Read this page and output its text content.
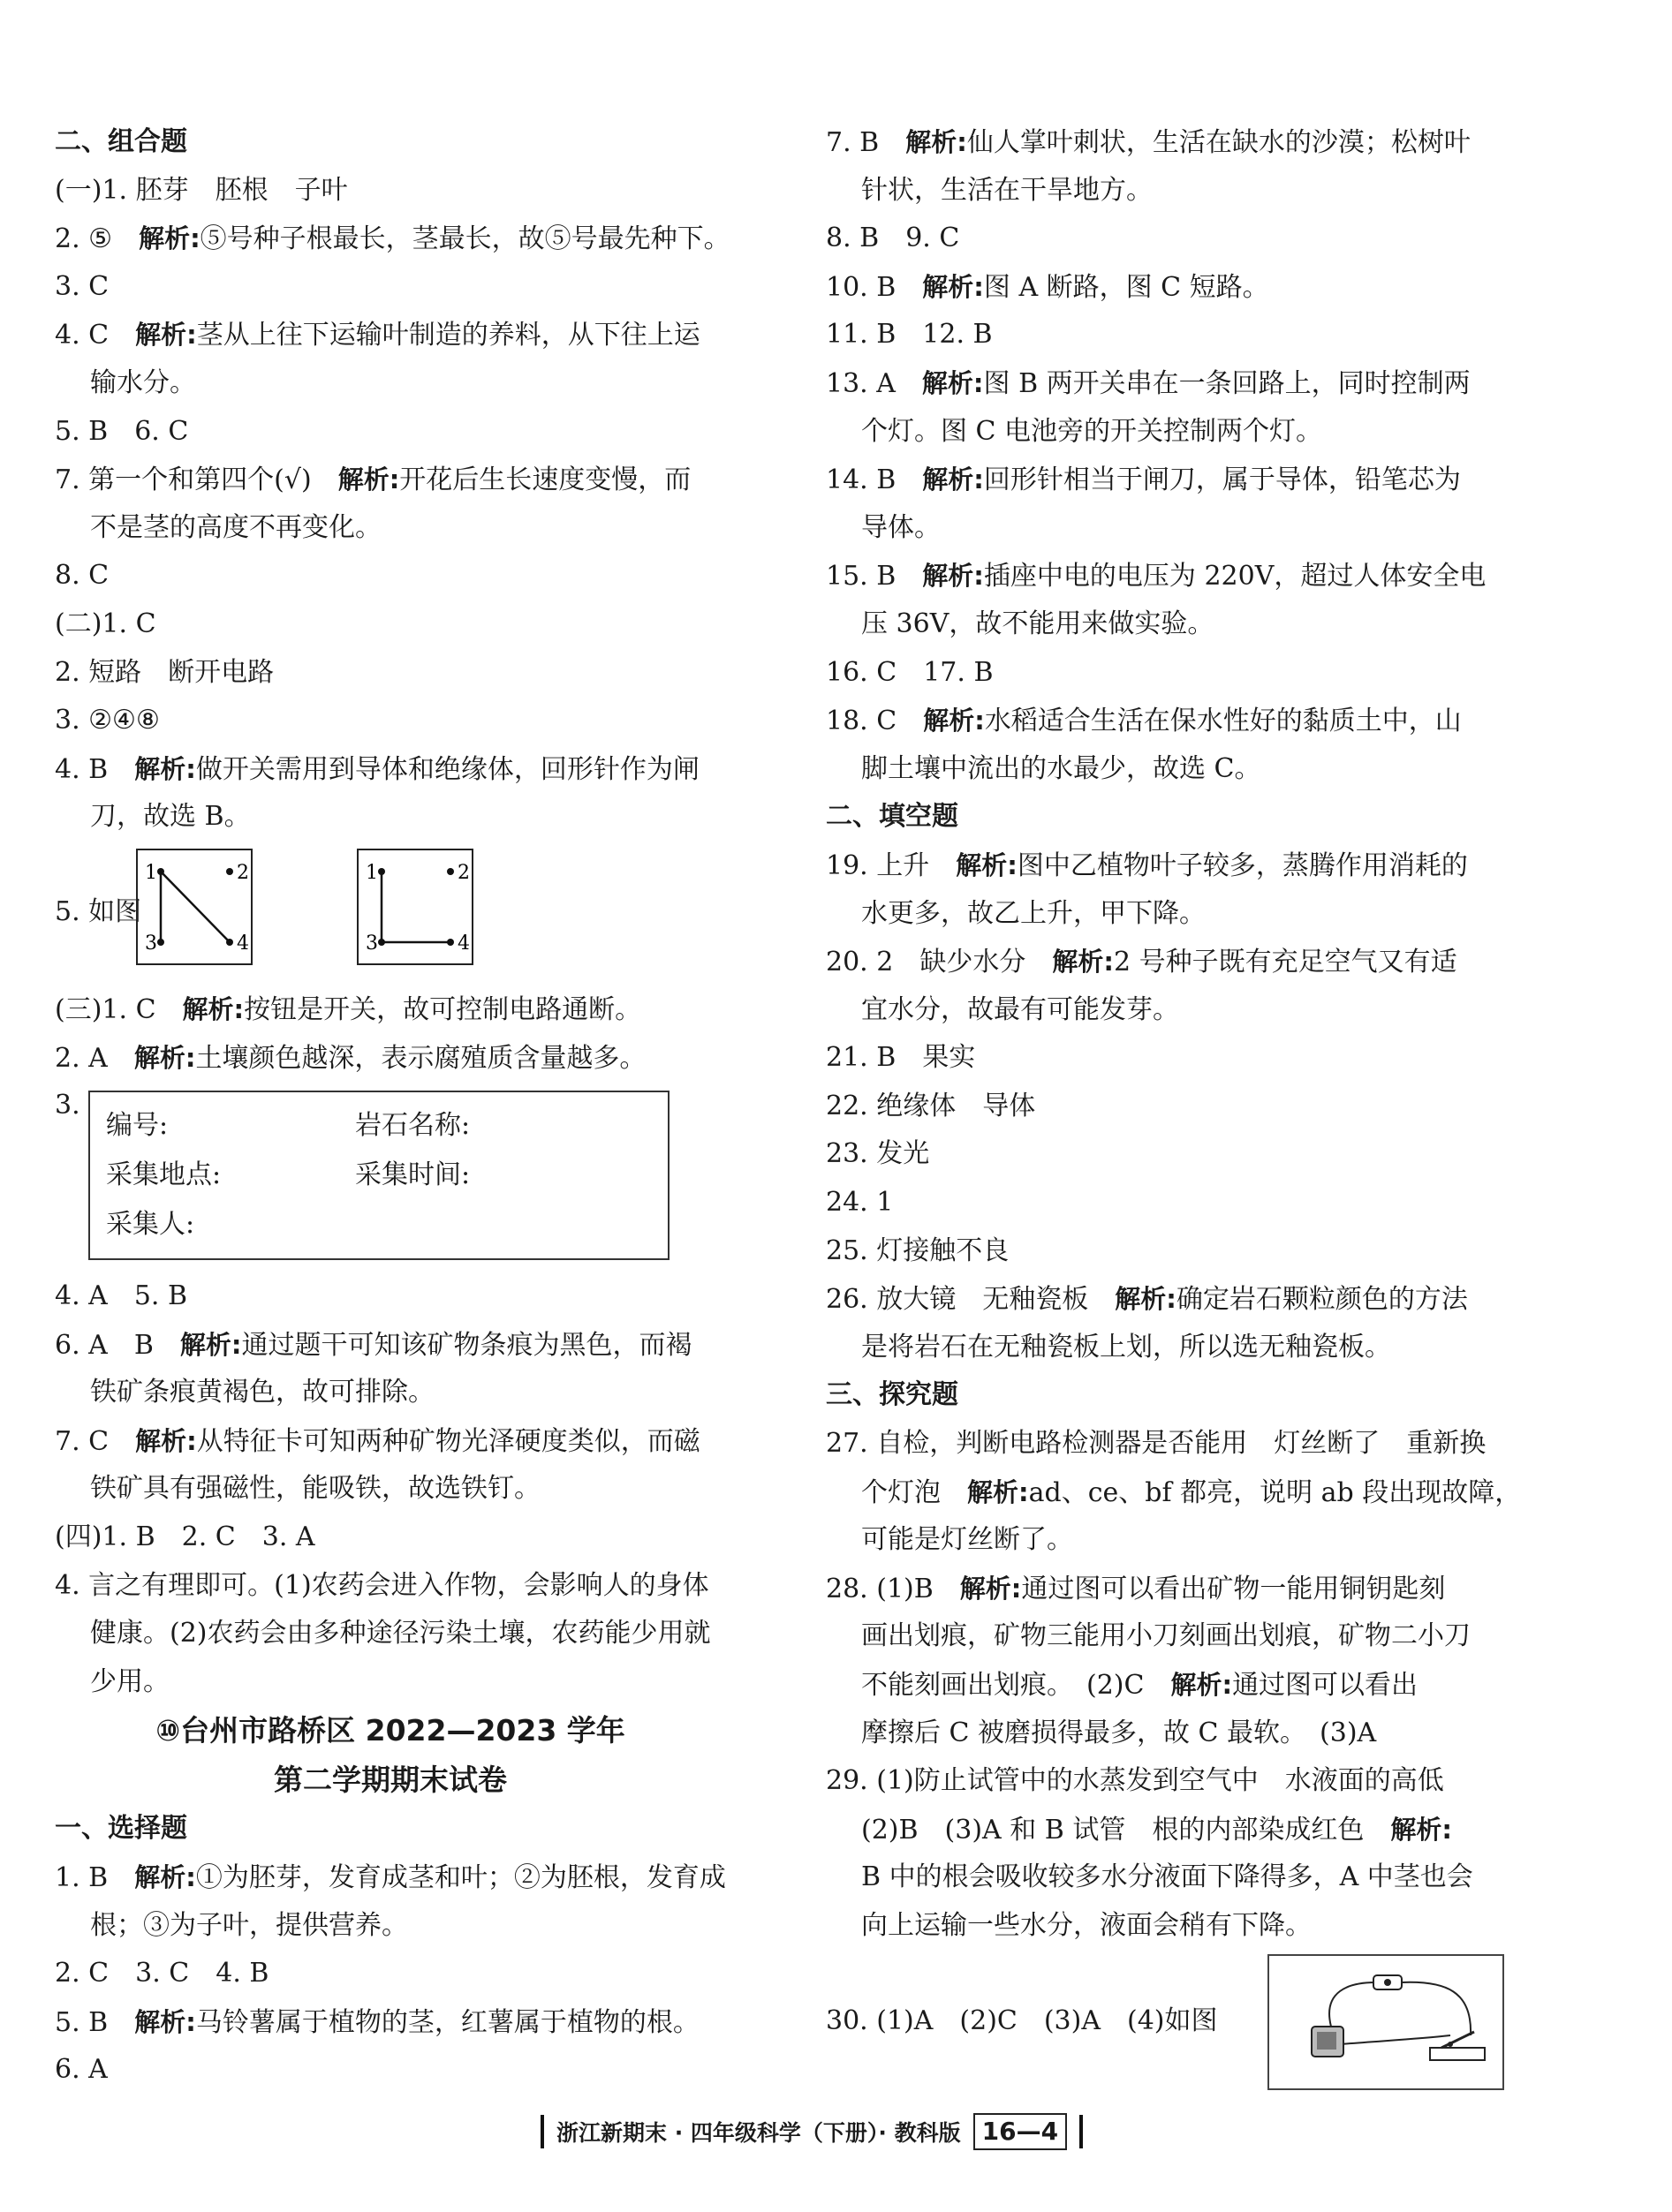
二、组合题
(一)1. 胚芽　胚根　子叶
2. ⑤　解析:⑤号种子根最长，茎最长，故⑤号最先种下。
3. C
4. C　解析:茎从上往下运输叶制造的养料，从下往上运
输水分。
5. B　6. C
7. 第一个和第四个(√)　解析:开花后生长速度变慢，而
不是茎的高度不再变化。
8. C
(二)1. C
2. 短路　断开电路
3. ②④⑧
4. B　解析:做开关需用到导体和绝缘体，回形针作为闸
刀，故选 B。
5. 如图
1	2
3	4
1	2
3	4
(三)1. C　解析:按钮是开关，故可控制电路通断。
2. A　解析:土壤颜色越深，表示腐殖质含量越多。
3.
编号:	岩石名称:
采集地点:	采集时间:
采集人:
4. A　5. B
6. A　B　解析:通过题干可知该矿物条痕为黑色，而褐
铁矿条痕黄褐色，故可排除。
7. C　解析:从特征卡可知两种矿物光泽硬度类似，而磁
铁矿具有强磁性，能吸铁，故选铁钉。
(四)1. B　2. C　3. A
4. 言之有理即可。(1)农药会进入作物，会影响人的身体
健康。(2)农药会由多种途径污染土壤，农药能少用就
少用。
⑩台州市路桥区 2022—2023 学年
第二学期期末试卷
一、选择题
1. B　解析:①为胚芽，发育成茎和叶；②为胚根，发育成
根；③为子叶，提供营养。
2. C　3. C　4. B
5. B　解析:马铃薯属于植物的茎，红薯属于植物的根。
6. A
7. B　解析:仙人掌叶刺状，生活在缺水的沙漠；松树叶
针状，生活在干旱地方。
8. B　9. C
10. B　解析:图 A 断路，图 C 短路。
11. B　12. B
13. A　解析:图 B 两开关串在一条回路上，同时控制两
个灯。图 C 电池旁的开关控制两个灯。
14. B　解析:回形针相当于闸刀，属于导体，铅笔芯为
导体。
15. B　解析:插座中电的电压为 220V，超过人体安全电
压 36V，故不能用来做实验。
16. C　17. B
18. C　解析:水稻适合生活在保水性好的黏质土中，山
脚土壤中流出的水最少，故选 C。
二、填空题
19. 上升　解析:图中乙植物叶子较多，蒸腾作用消耗的
水更多，故乙上升，甲下降。
20. 2　缺少水分　解析:2 号种子既有充足空气又有适
宜水分，故最有可能发芽。
21. B　果实
22. 绝缘体　导体
23. 发光
24. 1
25. 灯接触不良
26. 放大镜　无釉瓷板　解析:确定岩石颗粒颜色的方法
是将岩石在无釉瓷板上划，所以选无釉瓷板。
三、探究题
27. 自检，判断电路检测器是否能用　灯丝断了　重新换
个灯泡　解析:ad、ce、bf 都亮，说明 ab 段出现故障，
可能是灯丝断了。
28. (1)B　解析:通过图可以看出矿物一能用铜钥匙刻
画出划痕，矿物三能用小刀刻画出划痕，矿物二小刀
不能刻画出划痕。　(2)C　解析:通过图可以看出
摩擦后 C 被磨损得最多，故 C 最软。　(3)A
29. (1)防止试管中的水蒸发到空气中　水液面的高低
(2)B　(3)A 和 B 试管　根的内部染成红色　解析:
B 中的根会吸收较多水分液面下降得多，A 中茎也会
向上运输一些水分，液面会稍有下降。
30. (1)A　(2)C　(3)A　(4)如图
浙江新期末 · 四年级科学（下册）· 教科版 16—4
